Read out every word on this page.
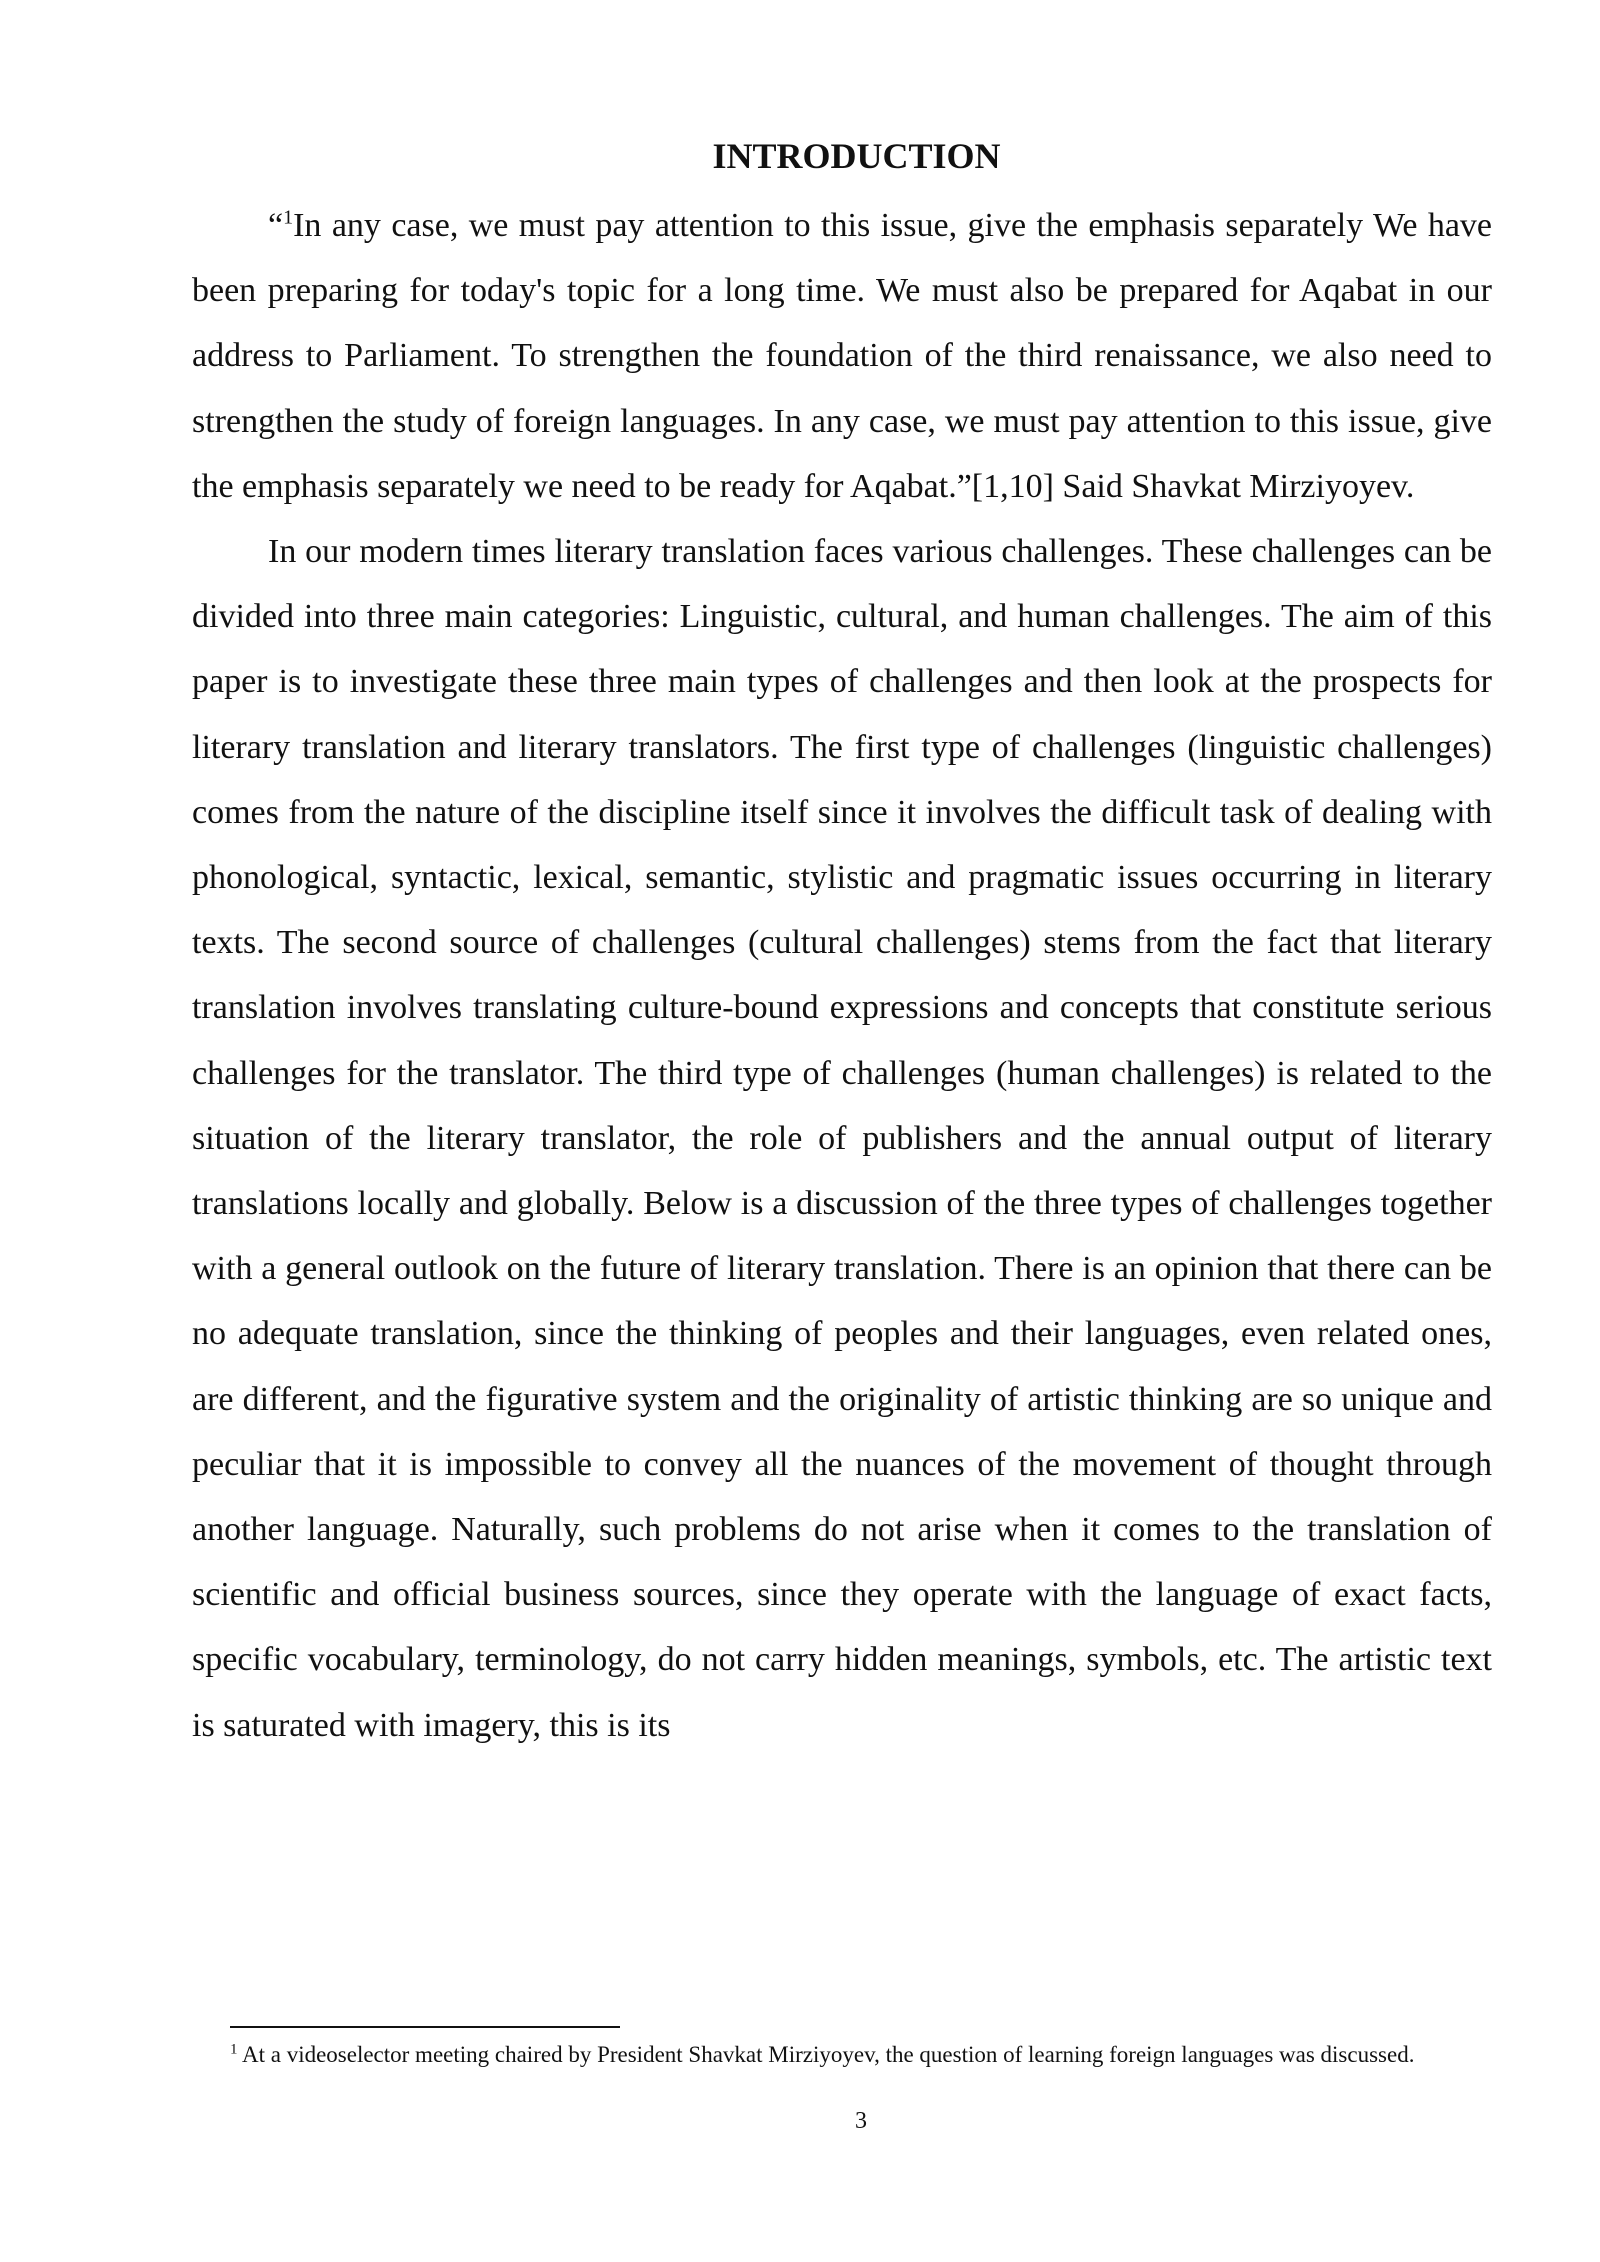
INTRODUCTION

“$^1$In any case, we must pay attention to this issue, give the emphasis separately We have been preparing for today's topic for a long time. We must also be prepared for Aqabat in our address to Parliament. To strengthen the foundation of the third renaissance, we also need to strengthen the study of foreign languages. In any case, we must pay attention to this issue, give the emphasis separately we need to be ready for Aqabat.”[1,10] Said Shavkat Mirziyoyev.

In our modern times literary translation faces various challenges. These challenges can be divided into three main categories: Linguistic, cultural, and human challenges. The aim of this paper is to investigate these three main types of challenges and then look at the prospects for literary translation and literary translators. The first type of challenges (linguistic challenges) comes from the nature of the discipline itself since it involves the difficult task of dealing with phonological, syntactic, lexical, semantic, stylistic and pragmatic issues occurring in literary texts. The second source of challenges (cultural challenges) stems from the fact that literary translation involves translating culture-bound expressions and concepts that constitute serious challenges for the translator. The third type of challenges (human challenges) is related to the situation of the literary translator, the role of publishers and the annual output of literary translations locally and globally. Below is a discussion of the three types of challenges together with a general outlook on the future of literary translation. There is an opinion that there can be no adequate translation, since the thinking of peoples and their languages, even related ones, are different, and the figurative system and the originality of artistic thinking are so unique and peculiar that it is impossible to convey all the nuances of the movement of thought through another language. Naturally, such problems do not arise when it comes to the translation of scientific and official business sources, since they operate with the language of exact facts, specific vocabulary, terminology, do not carry hidden meanings, symbols, etc. The artistic text is saturated with imagery, this is its

$^1$ At a videoselector meeting chaired by President Shavkat Mirziyoyev, the question of learning foreign languages was discussed.

3
